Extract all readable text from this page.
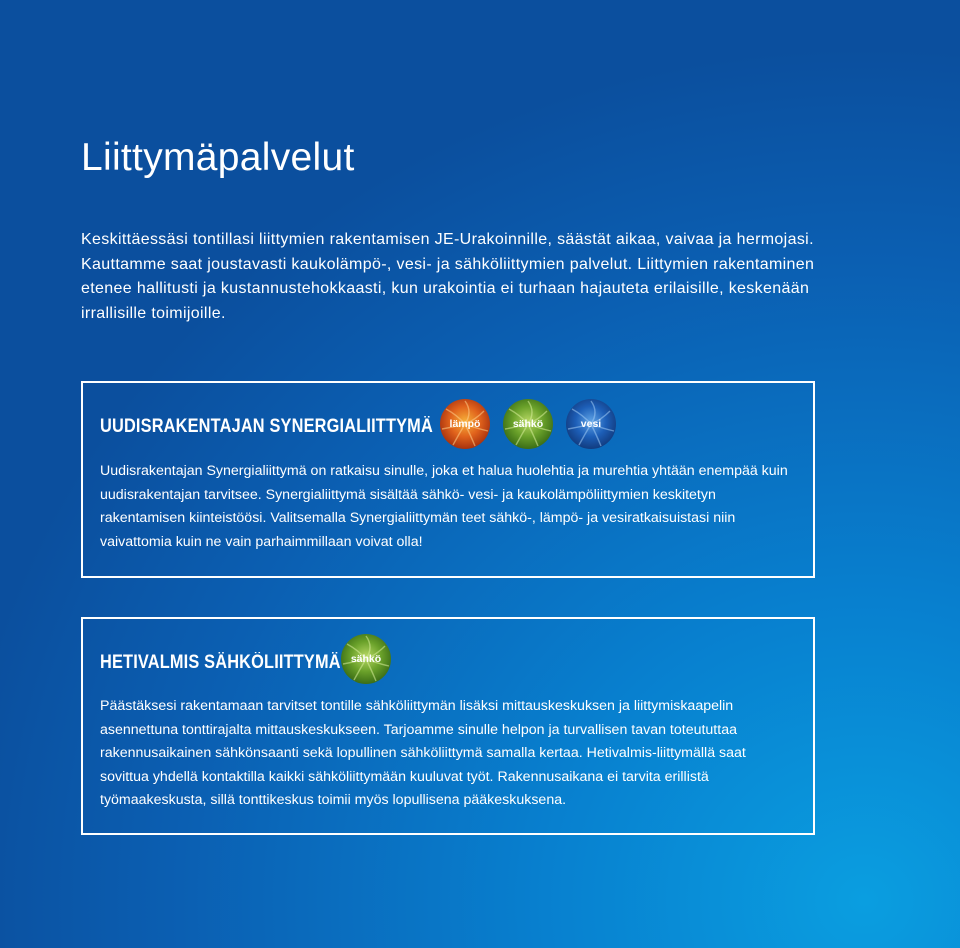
Liittymäpalvelut

Keskittäessäsi tontillasi liittymien rakentamisen JE-Urakoinnille, säästät aikaa, vaivaa ja hermojasi. Kauttamme saat joustavasti kaukolämpö-, vesi- ja sähköliittymien palvelut. Liittymien rakentaminen etenee hallitusti ja kustannustehokkaasti, kun urakointia ei turhaan hajauteta erilaisille, keskenään irrallisille toimijoille.

UUDISRAKENTAJAN SYNERGIALIITTYMÄ	lämpö	sähkö	vesi

Uudisrakentajan Synergialiittymä on ratkaisu sinulle, joka et halua huolehtia ja murehtia yhtään enempää kuin uudisrakentajan tarvitsee. Synergialiittymä sisältää sähkö- vesi- ja kaukolämpöliittymien keskitetyn rakentamisen kiinteistöösi. Valitsemalla Synergialiittymän teet sähkö-, lämpö- ja vesiratkaisuistasi niin vaivattomia kuin ne vain parhaimmillaan voivat olla!

HETIVALMIS SÄHKÖLIITTYMÄ sähkö

Päästäksesi rakentamaan tarvitset tontille sähköliittymän lisäksi mittauskeskuksen ja liittymiskaapelin asennettuna tonttirajalta mittauskeskukseen. Tarjoamme sinulle helpon ja turvallisen tavan toteututtaa rakennusaikainen sähkönsaanti sekä lopullinen sähköliittymä samalla kertaa. Hetivalmis-liittymällä saat sovittua yhdellä kontaktilla kaikki sähköliittymään kuuluvat työt. Rakennusaikana ei tarvita erillistä työmaakeskusta, sillä tonttikeskus toimii myös lopullisena pääkeskuksena.
